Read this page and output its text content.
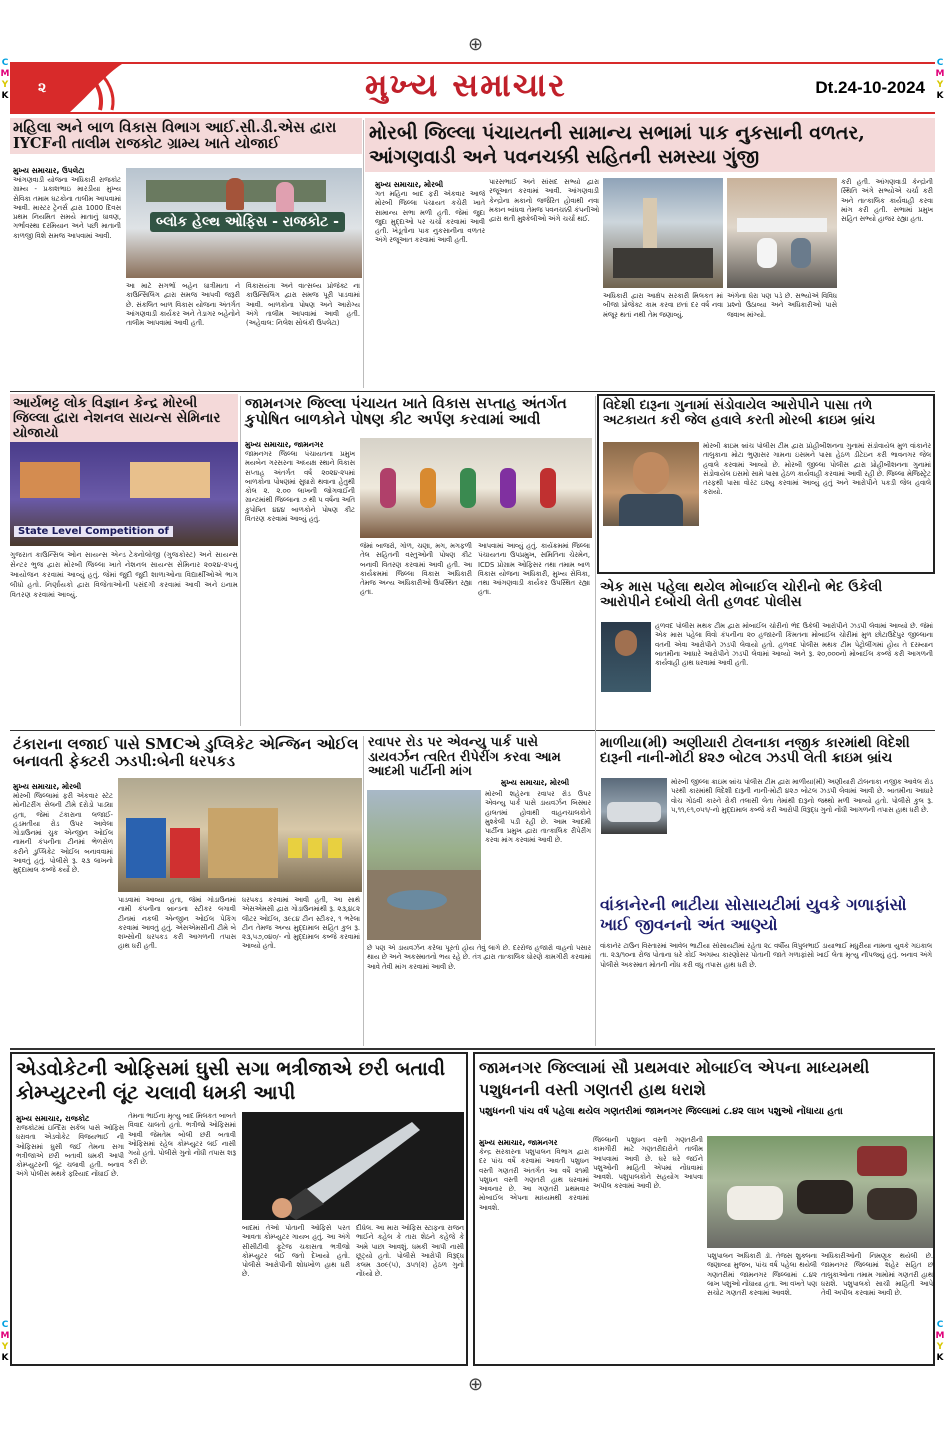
⊕
⊕
C
M
Y
K
C
M
Y
K
C
M
Y
K
C
M
Y
K
૨	મુખ્ય સમાચાર	Dt.24-10-2024
મહિલા અને બાળ વિકાસ વિભાગ આઈ.સી.ડી.એસ દ્વારા IYCFની તાલીમ રાજકોટ ગ્રામ્ય ખાતે યોજાઈ
મુખ્ય સમાચાર, ઉપલેટા
આંગણવાડી યોજના અધિકારી રાજકોટ ગ્રામ્ય - પ્રકાશભાઇ મારડીયા મુખ્ય સેવિકા તમામ ઘટકોના તાલીમ આપવામાં આવી. માસ્ટર ટ્રેનર્સ દ્વારા 1000 દિવસ પ્રથમ નિયમિત સમયે માતાનું ધાવણ, ગર્ભાવસ્થા દરમિયાન અને પછી માતાની કાળજી વિશે સમજ આપવામાં આવી.
બ્લોક હેલ્થ ઓફિસ - રાજકોટ -
આ માટે સગર્ભા બહેન ધાત્રીમાતા ને કાઉન્સિલિંગ દ્વારા સમજ આપવી જરૂરી છે. સંકલિત બાળ વિકાસ યોજના અંતર્ગત આંગણવાડી કાર્યકર અને તેડાગર બહેનોને તાલીમ આપવામાં આવી હતી.
વિકાસયંત્રા અને વાત્સલ્ય પ્રોજેક્ટ ના કાઉન્સિલિંગ દ્વારા સમજ પૂરી પાડવામાં આવી. બાળકોના પોષણ અને આરોગ્ય અંગે તાલીમ આપવામાં આવી હતી. (અહેવાલ: નિલેશ સોલંકી ઉપલેટા)
મોરબી જિલ્લા પંચાયતની સામાન્ય સભામાં પાક નુકસાની વળતર, આંગણવાડી અને પવનચક્કી સહિતની સમસ્યા ગુંજી
મુખ્ય સમાચાર, મોરબી
ગત મહિના બાદ ફરી એકવાર આજે મોરબી જિલ્લા પંચાયત કચેરી ખાતે સામાન્ય સભા મળી હતી. જેમાં જુદા જુદા મુદ્દાઓ પર ચર્ચા કરવામાં આવી હતી. ખેડૂતોના પાક નુકસાનીના વળતર અંગે રજૂઆત કરવામાં આવી હતી.
પારસભાઈ અને સાંસદ સભ્યો દ્વારા રજૂઆત કરવામાં આવી. આંગણવાડી કેન્દ્રોના મકાનો જર્જરિત હોવાથી નવા મકાન બાંધવા તેમજ પવનચક્કી કંપનીઓ દ્વારા થતી મુશ્કેલીઓ અંગે ચર્ચા થઈ.
અધિકારી દ્વારા આક્ષેપ સરકારી મિલકત માં બીજા પ્રોજેક્ટ કામ કરવા છતાં દર વર્ષ નવા મંજૂર થતાં નથી તેમ જણાવ્યું.
અંગેના ઘેરા પણ પડે છે. સભ્યોએ વિવિધ પ્રશ્નો ઉઠાવ્યા અને અધિકારીઓ પાસે જવાબ માંગ્યો.
કરી હતી. આંગણવાડી કેન્દ્રોની સ્થિતિ અંગે સભ્યોએ ચર્ચા કરી અને તાત્કાલિક કાર્યવાહી કરવા માંગ કરી હતી. સભામાં પ્રમુખ સહિત સભ્યો હાજર રહ્યા હતા.
આર્યભટ્ટ લોક વિજ્ઞાન કેન્દ્ર મોરબી જિલ્લા દ્વારા નેશનલ સાયન્સ સેમિનાર યોજાયો
State Level Competition of
ગુજરાત કાઉન્સિલ ઓન સાયન્સ એન્ડ ટેક્નોલોજી (ગુજકોસ્ટ) અને સાયન્સ સેન્ટર ભુજ દ્વારા મોરબી જિલ્લા ખાતે નેશનલ સાયન્સ સેમિનાર ૨૦૨૪-૨૫નું આયોજન કરવામાં આવ્યું હતું. જેમાં જુદી જુદી શાળાઓના વિદ્યાર્થીઓએ ભાગ લીધો હતો. નિર્ણાયકો દ્વારા વિજેતાઓની પસંદગી કરવામાં આવી અને ઇનામ વિતરણ કરવામાં આવ્યું.
જામનગર જિલ્લા પંચાયત ખાતે વિકાસ સપ્તાહ અંતર્ગત કુપોષિત બાળકોને પોષણ કીટ અર્પણ કરવામાં આવી
મુખ્ય સમાચાર, જામનગર
જામનગર જિલ્લા પંચાયતના પ્રમુખ મયબેન ગરસરના અધ્યક્ષ સ્થાને વિકાસ સપ્તાહ અંતર્ગત વર્ષ ૨૦૨૪-૨૫માં બાળકોના પોષણમાં સુધારો થવાના હેતુથી કોલ ૨. ૨.૦૦ લાખની જોગવાઈની ગ્રાન્ટમાંથી જિલ્લાના ૭ થી ૫ વર્ષના અતિ કુપોષિત ૪૪૪ બાળકોને પોષણ કીટ વિતરણ કરવામાં આવ્યું હતું.
જેમાં બાજરો, ગોળ, ચણા, મગ, મગફળી તેલ સહિતની વસ્તુઓની પોષણ કીટ બનાવી વિતરણ કરવામાં આવી હતી. આ કાર્યક્રમમાં જિલ્લા વિકાસ અધિકારી તેમજ અન્ય અધિકારીઓ ઉપસ્થિત રહ્યા હતા.
આપવામાં આવ્યું હતું. કાર્યક્રમમાં જિલ્લા પંચાયતના ઉપપ્રમુખ, સમિતિના ચેરમેન, ICDS પ્રોગ્રામ ઓફિસર તથા તમામ બાળ વિકાસ યોજના અધિકારી, મુખ્ય સેવિકા, તથા આંગણવાડી કાર્યકર ઉપસ્થિત રહ્યા હતા.
વિદેશી દારૂના ગુનામાં સંડોવાયેલ આરોપીને પાસા તળે અટકાયત કરી જેલ હવાલે કરતી મોરબી ક્રાઇમ બ્રાંચ
મોરબી ક્રાઇમ બ્રાંચ પોલીસ ટીમ દ્વારા પ્રોહીબીશનના ગુનામાં સંડોવાયેલ મુળ વાંકાનેર તાલુકાના મોટા ભુણાસર ગામના ઇસમને પાસા હેઠળ ડીટેઇન કરી ભાવનગર જેલ હવાલે કરવામાં આવ્યો છે. મોરબી જીલ્લા પોલીસ દ્વારા પ્રોહીબીશનના ગુનામાં સંડોવાયેલ ઇસમો સામે પાસા હેઠળ કાર્યવાહી કરવામાં આવી રહી છે. જિલ્લા મેજિસ્ટ્રેટ તરફથી પાસા વોરંટ ઇશ્યુ કરવામાં આવ્યું હતું અને આરોપીને પકડી જેલ હવાલે કરાયો.
એક માસ પહેલા થયેલ મોબાઈલ ચોરીનો ભેદ ઉકેલી આરોપીને દબોચી લેતી હળવદ પોલીસ
હળવદ પોલીસ મથક ટીમ દ્વારા મોબાઈલ ચોરીનો ભેદ ઉકેલી આરોપીને ઝડપી લેવામાં આવ્યો છે. જેમાં એક માસ પહેલા વિવો કંપનીના ૨૦ હજારની કિંમતના મોબાઈલ ચોરીમાં મુળ છોટાઉદેપુર જીલ્લાના વતની એવા આરોપીને ઝડપી લેવાયો હતો. હળવદ પોલીસ મથક ટીમ પેટ્રોલીંગમાં હોય તે દરમ્યાન બાતમીના આધારે આરોપીને ઝડપી લેવામાં આવ્યો અને રૂ. ૨૦,૦૦૦નો મોબાઈલ કબ્જે કરી આગળની કાર્યવાહી હાથ ધરવામાં આવી હતી.
ટંકારાના લજાઈ પાસે SMCએ ડુપ્લિકેટ એન્જિન ઓઈલ બનાવતી ફેક્ટરી ઝડપી:બેની ધરપકડ
મુખ્ય સમાચાર, મોરબી
મોરબી જિલ્લામાં ફરી એકવાર સ્ટેટ મોનીટરીંગ સેલની ટીમે દરોડો પાડ્યા હતા, જેમાં ટંકારાના લજાઈ-હડમતીયા રોડ ઉપર આવેલા ગોડાઉનમાં ચુક એન્જીન ઓઈલ નામની કંપનીના ટીનમાં ભેળસેળ કરીને ડુપ્લિકેટ ઓઈલ બનાવવામાં આવતું હતું. પોલીસે રૂ. ૨૩ લાખનો મુદ્દામાલ કબ્જે કર્યો છે.
પાડવામાં આવ્યા હતા, જેમાં ગોડાઉનમાં નામી કંપનીના બ્રાન્ડના સ્ટીકર લગાવી ટીનમાં નકલી એન્જીન ઓઈલ પેકિંગ કરવામાં આવતું હતું. એસએમસીની ટીમે બે શખ્સોની ધરપકડ કરી આગળની તપાસ હાથ ધરી હતી.
ધરપકડ કરવામાં આવી હતી, આ સાથે એસએમસી દ્વારા ગોડાઉનમાંથી રૂ. ૨૩,૪૮૨ લીટર ઓઈલ, ૩૯૮૪ ટીન સ્ટીકર, ૧ ભરેલા ટીન તેમજ અન્ય મુદ્દામાલ સહિત કુલ રૂ. ૨૩,૫૭,૦૪૦/- નો મુદ્દામાલ કબ્જે કરવામાં આવ્યો હતો.
રવાપર રોડ પર એવન્યુ પાર્ક પાસે ડાયવર્ઝન ત્વરિત રીપેરીંગ કરવા આમ આદમી પાર્ટીની માંગ
મુખ્ય સમાચાર, મોરબી
મોરબી શહેરના રવાપર રોડ ઉપર એવન્યુ પાર્ક પાસે ડાયવર્ઝન બિસ્માર હાલતમાં હોવાથી વાહનચાલકોને મુશ્કેલી પડી રહી છે. આમ આદમી પાર્ટીના પ્રમુખ દ્વારા તાત્કાલિક રીપેરીંગ કરવા માંગ કરવામાં આવી છે.
છે પણ એ ડાયવર્ઝન કરેલા પૂરતો હોય તેવું લાગે છે. દરરોજ હજારો વાહનો પસાર થાય છે અને અકસ્માતનો ભય રહે છે. તંત્ર દ્વારા તાત્કાલિક ધોરણે કામગીરી કરવામાં આવે તેવી માંગ કરવામાં આવી છે.
માળીયા(મી) અણીયારી ટોલનાકા નજીક કારમાંથી વિદેશી દારૂની નાની-મોટી ૪૨૭ બોટલ ઝડપી લેતી ક્રાઇમ બ્રાંચ
મોરબી જીલ્લા ક્રાઇમ બ્રાંચ પોલીસ ટીમ દ્વારા માળીયા(મી) અણીયારી ટોલનાકા નજીક આવેલ રોડ પરથી કારમાંથી વિદેશી દારૂની નાની-મોટી ૪૨૭ બોટલ ઝડપી લેવામાં આવી છે. બાતમીના આધારે વોચ ગોઠવી કારને રોકી તલાસી લેતા તેમાંથી દારૂનો જથ્થો મળી આવ્યો હતો. પોલીસે કુલ રૂ. ૫,૧૧,૯૧,૦૫૧/-નો મુદ્દામાલ કબ્જે કરી આરોપી વિરૂદ્ધ ગુનો નોંધી આગળની તપાસ હાથ ધરી છે.
વાંકાનેરની ભાટીયા સોસાયટીમાં યુવકે ગળાફાંસો ખાઈ જીવનનો અંત આણ્યો
વાંકાનેર ટાઉન વિસ્તારમાં આવેલ ભાટીયા સોસાયટીમાં રહેતા ૨૮ વર્ષીય વિપુલભાઈ ડાયાભાઈ મધુરીયા નામના યુવકે ગઇકાલ તા. ૨૩/૧૦ના રોજ પોતાના ઘરે કોઈ અગમ્ય કારણોસર પોતાની જાતે ગળાફાંસો ખાઈ લેતા મૃત્યુ નીપજ્યું હતું. બનાવ અંગે પોલીસે અકસ્માત મોતની નોંધ કરી વધુ તપાસ હાથ ધરી છે.
એડવોકેટની ઓફિસમાં ઘુસી સગા ભત્રીજાએ છરી બતાવી કોમ્પ્યુટરની લૂંટ ચલાવી ધમકી આપી
મુખ્ય સમાચાર, રાજકોટ
રાજકોટમાં ઇન્દિરા સર્કલ પાસે ઓફિસ ધરાવતા એડવોકેટ વિજયભાઈ ની ઓફિસમાં ઘુસી જઈ તેમના સગા ભત્રીજાએ છરી બતાવી ધમકી આપી કોમ્પ્યુટરની લૂંટ ચલાવી હતી. બનાવ અંગે પોલીસ મથકે ફરિયાદ નોંધાઈ છે.
તેમના ભાઈના મૃત્યુ બાદ મિલકત બાબતે વિવાદ ચાલતો હતો. ભત્રીજો ઓફિસમાં આવી જેમતેમ બોલી છરી બતાવી ઓફિસમાં રહેલ કોમ્પ્યુટર લઈ નાસી ગયો હતો. પોલીસે ગુનો નોંધી તપાસ શરૂ કરી છે.
બાદમાં તેઓ પોતાની ઓફિસે પરત આવતા કોમ્પ્યુટર ગાયબ હતું. આ અંગે સીસીટીવી ફૂટેજ ચકાસતા ભત્રીજો કોમ્પ્યુટર લઈ જતો દેખાયો હતો. પોલીસે આરોપીની શોધખોળ હાથ ધરી છે.
દીધેલ. આ મારા ઓફિસ સ્ટાફના રાજન ભાઈને કહેલ કે તારા શેઠને કહેજે કે અમે પાછા આવશું. ધમકી આપી નાસી છૂટ્યો હતો. પોલીસે આરોપી વિરૂદ્ધ કલમ ૩૦૯(૫), ૩૫૧(૨) હેઠળ ગુનો નોંધ્યો છે.
જામનગર જિલ્લામાં સૌ પ્રથમવાર મોબાઈલ એપના માધ્યમથી પશુધનની વસ્તી ગણતરી હાથ ધરાશે
પશુધનની પાંચ વર્ષ પહેલા થયેલ ગણતરીમાં જામનગર જિલ્લામાં ૮.૪૨ લાખ પશુઓ નોંધાયા હતા
મુખ્ય સમાચાર, જામનગર
કેન્દ્ર સરકારના પશુપાલન વિભાગ દ્વારા દર પાંચ વર્ષે કરવામાં આવતી પશુધન વસ્તી ગણતરી અંતર્ગત આ વર્ષે ૨૧મી પશુધન વસ્તી ગણતરી હાથ ધરવામાં આવનાર છે. આ ગણતરી પ્રથમવાર મોબાઈલ એપના માધ્યમથી કરવામાં આવશે.
જિલ્લાની પશુધન વસ્તી ગણતરીની કામગીરી માટે ગણતરીદારોને તાલીમ આપવામાં આવી છે. ઘરે ઘરે જઈને પશુઓની માહિતી એપમાં નોંધવામાં આવશે. પશુપાલકોને સહયોગ આપવા અપીલ કરવામાં આવી છે.
પશુપાલન અધિકારી ડૉ. તેજસ શુક્લના જણાવ્યા મુજબ, પાંચ વર્ષ પહેલા થયેલી ગણતરીમાં જામનગર જિલ્લામાં ૮.૪૨ લાખ પશુઓ નોંધાયા હતા. આ વખતે પણ સચોટ ગણતરી કરવામાં આવશે.
અધિકારીઓની નિમણૂક થયેલી છે. જામનગર જિલ્લામાં શહેર સહિત છ તાલુકાઓના તમામ ગામોમાં ગણતરી હાથ ધરાશે. પશુપાલકો સાચી માહિતી આપે તેવી અપીલ કરવામાં આવી છે.
